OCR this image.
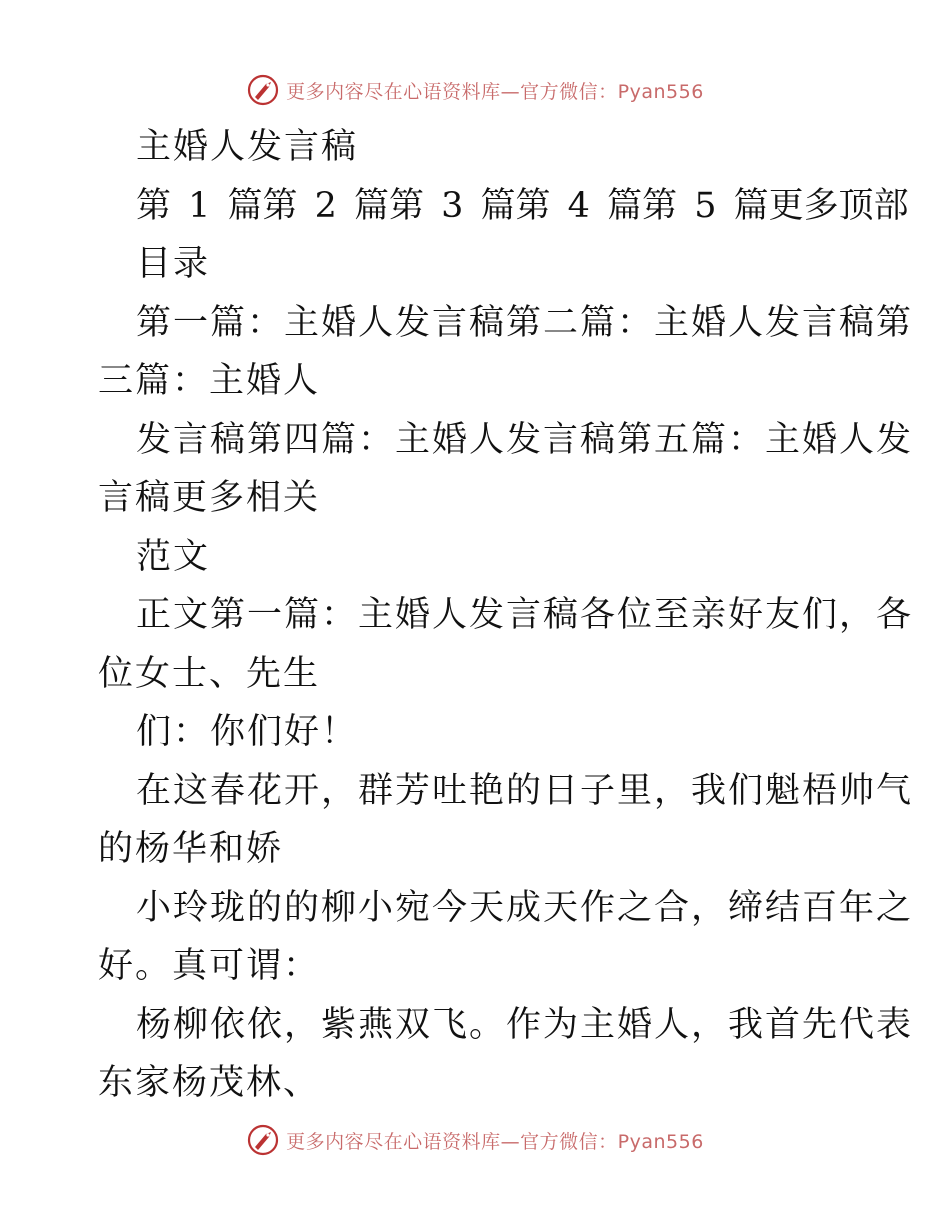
更多内容尽在心语资料库—官方微信：Pyan556
主婚人发言稿
第 1 篇第 2 篇第 3 篇第 4 篇第 5 篇更多顶部
目录
第一篇：主婚人发言稿第二篇：主婚人发言稿第
三篇：主婚人
发言稿第四篇：主婚人发言稿第五篇：主婚人发
言稿更多相关
范文
正文第一篇：主婚人发言稿各位至亲好友们，各
位女士、先生
们：你们好！
在这春花开，群芳吐艳的日子里，我们魁梧帅气
的杨华和娇
小玲珑的的柳小宛今天成天作之合，缔结百年之
好。真可谓：
杨柳依依，紫燕双飞。作为主婚人，我首先代表
东家杨茂林、
更多内容尽在心语资料库—官方微信：Pyan556
